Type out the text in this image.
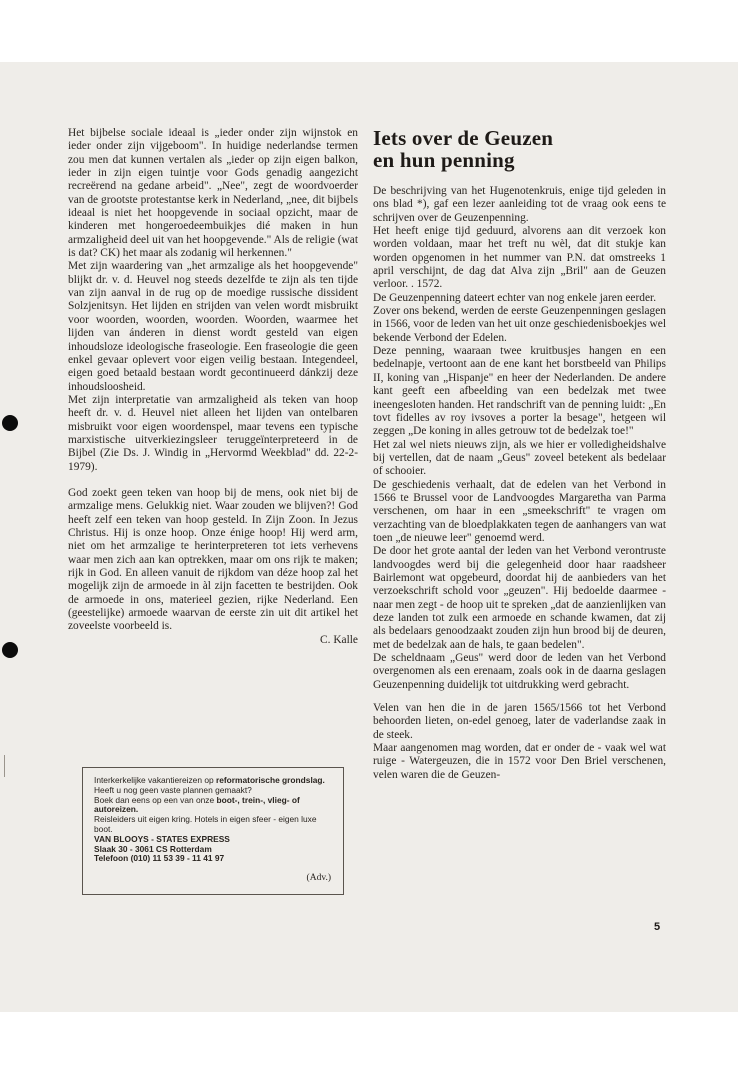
Het bijbelse sociale ideaal is „ieder onder zijn wijnstok en ieder onder zijn vijgeboom". In huidige nederlandse termen zou men dat kunnen vertalen als „ieder op zijn eigen balkon, ieder in zijn eigen tuintje voor Gods genadig aangezicht recreërend na gedane arbeid". „Nee", zegt de woordvoerder van de grootste protestantse kerk in Nederland, „nee, dit bijbels ideaal is niet het hoopgevende in sociaal opzicht, maar de kinderen met hongeroedeembuikjes dié maken in hun armzaligheid deel uit van het hoopgevende." Als de religie (wat is dat? CK) het maar als zodanig wil herkennen."

Met zijn waardering van „het armzalige als het hoopgevende" blijkt dr. v. d. Heuvel nog steeds dezelfde te zijn als ten tijde van zijn aanval in de rug op de moedige russische dissident Solzjenitsyn. Het lijden en strijden van velen wordt misbruikt voor woorden, woorden, woorden. Woorden, waarmee het lijden van ánderen in dienst wordt gesteld van eigen inhoudsloze ideologische fraseologie. Een fraseologie die geen enkel gevaar oplevert voor eigen veilig bestaan. Integendeel, eigen goed betaald bestaan wordt gecontinueerd dánkzij deze inhoudsloosheid.

Met zijn interpretatie van armzaligheid als teken van hoop heeft dr. v. d. Heuvel niet alleen het lijden van ontelbaren misbruikt voor eigen woordenspel, maar tevens een typische marxistische uitverkiezingsleer teruggeïnterpreteerd in de Bijbel (Zie Ds. J. Windig in „Hervormd Weekblad" dd. 22-2-1979).

God zoekt geen teken van hoop bij de mens, ook niet bij de armzalige mens. Gelukkig niet. Waar zouden we blijven?! God heeft zelf een teken van hoop gesteld. In Zijn Zoon. In Jezus Christus. Hij is onze hoop. Onze énige hoop! Hij werd arm, niet om het armzalige te herinterpreteren tot iets verhevens waar men zich aan kan optrekken, maar om ons rijk te maken; rijk in God. En alleen vanuit de rijkdom van déze hoop zal het mogelijk zijn de armoede in àl zijn facetten te bestrijden. Ook de armoede in ons, materieel gezien, rijke Nederland. Een (geestelijke) armoede waarvan de eerste zin uit dit artikel het zoveelste voorbeeld is.

C. Kalle

Interkerkelijke vakantiereizen op reformatorische grondslag.

Heeft u nog geen vaste plannen gemaakt?

Boek dan eens op een van onze boot-, trein-, vlieg- of autoreizen.

Reisleiders uit eigen kring. Hotels in eigen sfeer - eigen luxe boot.

VAN BLOOYS - STATES EXPRESS

Slaak 30 - 3061 CS Rotterdam

Telefoon (010) 11 53 39 - 11 41 97

(Adv.)
Iets over de Geuzen
en hun penning

De beschrijving van het Hugenotenkruis, enige tijd geleden in ons blad *), gaf een lezer aanleiding tot de vraag ook eens te schrijven over de Geuzenpenning.

Het heeft enige tijd geduurd, alvorens aan dit verzoek kon worden voldaan, maar het treft nu wèl, dat dit stukje kan worden opgenomen in het nummer van P.N. dat omstreeks 1 april verschijnt, de dag dat Alva zijn „Bril" aan de Geuzen verloor. . 1572.

De Geuzenpenning dateert echter van nog enkele jaren eerder.

Zover ons bekend, werden de eerste Geuzenpenningen geslagen in 1566, voor de leden van het uit onze geschiedenisboekjes wel bekende Verbond der Edelen.

Deze penning, waaraan twee kruitbusjes hangen en een bedelnapje, vertoont aan de ene kant het borstbeeld van Philips II, koning van „Hispanje" en heer der Nederlanden. De andere kant geeft een afbeelding van een bedelzak met twee ineengesloten handen. Het randschrift van de penning luidt: „En tovt fidelles av roy ivsoves a porter la besage", hetgeen wil zeggen „De koning in alles getrouw tot de bedelzak toe!"

Het zal wel niets nieuws zijn, als we hier er volledigheidshalve bij vertellen, dat de naam „Geus" zoveel betekent als bedelaar of schooier.

De geschiedenis verhaalt, dat de edelen van het Verbond in 1566 te Brussel voor de Landvoogdes Margaretha van Parma verschenen, om haar in een „smeekschrift" te vragen om verzachting van de bloedplakkaten tegen de aanhangers van wat toen „de nieuwe leer" genoemd werd.

De door het grote aantal der leden van het Verbond verontruste landvoogdes werd bij die gelegenheid door haar raadsheer Bairlemont wat opgebeurd, doordat hij de aanbieders van het verzoekschrift schold voor „geuzen". Hij bedoelde daarmee - naar men zegt - de hoop uit te spreken „dat de aanzienlijken van deze landen tot zulk een armoede en schande kwamen, dat zij als bedelaars genoodzaakt zouden zijn hun brood bij de deuren, met de bedelzak aan de hals, te gaan bedelen".

De scheldnaam „Geus" werd door de leden van het Verbond overgenomen als een erenaam, zoals ook in de daarna geslagen Geuzenpenning duidelijk tot uitdrukking werd gebracht.

Velen van hen die in de jaren 1565/1566 tot het Verbond behoorden lieten, on-edel genoeg, later de vaderlandse zaak in de steek.

Maar aangenomen mag worden, dat er onder de - vaak wel wat ruige - Watergeuzen, die in 1572 voor Den Briel verschenen, velen waren die de Geuzen-

5
